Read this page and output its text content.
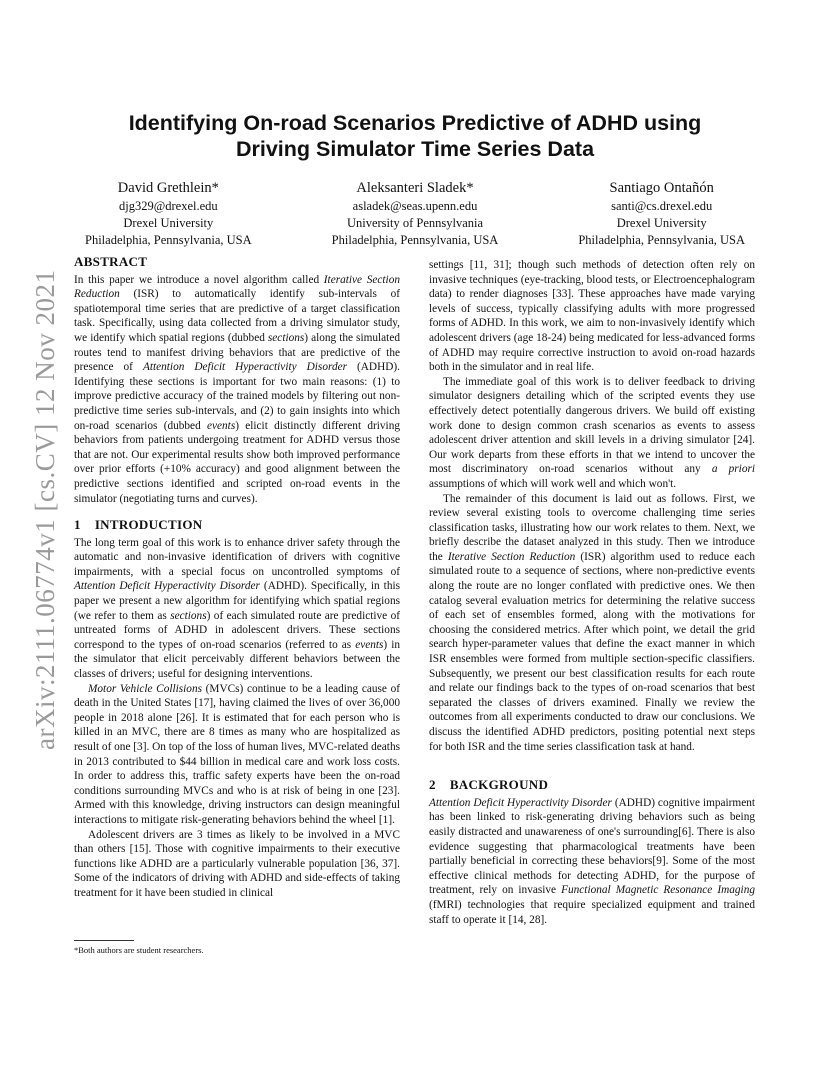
arXiv:2111.06774v1 [cs.CV] 12 Nov 2021
Identifying On-road Scenarios Predictive of ADHD using Driving Simulator Time Series Data
David Grethlein*
djg329@drexel.edu
Drexel University
Philadelphia, Pennsylvania, USA
Aleksanteri Sladek*
asladek@seas.upenn.edu
University of Pennsylvania
Philadelphia, Pennsylvania, USA
Santiago Ontañón
santi@cs.drexel.edu
Drexel University
Philadelphia, Pennsylvania, USA
ABSTRACT

In this paper we introduce a novel algorithm called Iterative Section Reduction (ISR) to automatically identify sub-intervals of spatiotemporal time series that are predictive of a target classification task. Specifically, using data collected from a driving simulator study, we identify which spatial regions (dubbed sections) along the simulated routes tend to manifest driving behaviors that are predictive of the presence of Attention Deficit Hyperactivity Disorder (ADHD). Identifying these sections is important for two main reasons: (1) to improve predictive accuracy of the trained models by filtering out non-predictive time series sub-intervals, and (2) to gain insights into which on-road scenarios (dubbed events) elicit distinctly different driving behaviors from patients undergoing treatment for ADHD versus those that are not. Our experimental results show both improved performance over prior efforts (+10% accuracy) and good alignment between the predictive sections identified and scripted on-road events in the simulator (negotiating turns and curves).

1 INTRODUCTION

The long term goal of this work is to enhance driver safety through the automatic and non-invasive identification of drivers with cognitive impairments, with a special focus on uncontrolled symptoms of Attention Deficit Hyperactivity Disorder (ADHD). Specifically, in this paper we present a new algorithm for identifying which spatial regions (we refer to them as sections) of each simulated route are predictive of untreated forms of ADHD in adolescent drivers. These sections correspond to the types of on-road scenarios (referred to as events) in the simulator that elicit perceivably different behaviors between the classes of drivers; useful for designing interventions.

Motor Vehicle Collisions (MVCs) continue to be a leading cause of death in the United States [17], having claimed the lives of over 36,000 people in 2018 alone [26]. It is estimated that for each person who is killed in an MVC, there are 8 times as many who are hospitalized as result of one [3]. On top of the loss of human lives, MVC-related deaths in 2013 contributed to $44 billion in medical care and work loss costs. In order to address this, traffic safety experts have been the on-road conditions surrounding MVCs and who is at risk of being in one [23]. Armed with this knowledge, driving instructors can design meaningful interactions to mitigate risk-generating behaviors behind the wheel [1].

Adolescent drivers are 3 times as likely to be involved in a MVC than others [15]. Those with cognitive impairments to their executive functions like ADHD are a particularly vulnerable population [36, 37]. Some of the indicators of driving with ADHD and side-effects of taking treatment for it have been studied in clinical

*Both authors are student researchers.

settings [11, 31]; though such methods of detection often rely on invasive techniques (eye-tracking, blood tests, or Electroencephalogram data) to render diagnoses [33]. These approaches have made varying levels of success, typically classifying adults with more progressed forms of ADHD. In this work, we aim to non-invasively identify which adolescent drivers (age 18-24) being medicated for less-advanced forms of ADHD may require corrective instruction to avoid on-road hazards both in the simulator and in real life.

The immediate goal of this work is to deliver feedback to driving simulator designers detailing which of the scripted events they use effectively detect potentially dangerous drivers. We build off existing work done to design common crash scenarios as events to assess adolescent driver attention and skill levels in a driving simulator [24]. Our work departs from these efforts in that we intend to uncover the most discriminatory on-road scenarios without any a priori assumptions of which will work well and which won't.

The remainder of this document is laid out as follows. First, we review several existing tools to overcome challenging time series classification tasks, illustrating how our work relates to them. Next, we briefly describe the dataset analyzed in this study. Then we introduce the Iterative Section Reduction (ISR) algorithm used to reduce each simulated route to a sequence of sections, where non-predictive events along the route are no longer conflated with predictive ones. We then catalog several evaluation metrics for determining the relative success of each set of ensembles formed, along with the motivations for choosing the considered metrics. After which point, we detail the grid search hyper-parameter values that define the exact manner in which ISR ensembles were formed from multiple section-specific classifiers. Subsequently, we present our best classification results for each route and relate our findings back to the types of on-road scenarios that best separated the classes of drivers examined. Finally we review the outcomes from all experiments conducted to draw our conclusions. We discuss the identified ADHD predictors, positing potential next steps for both ISR and the time series classification task at hand.

2 BACKGROUND

Attention Deficit Hyperactivity Disorder (ADHD) cognitive impairment has been linked to risk-generating driving behaviors such as being easily distracted and unawareness of one's surrounding[6]. There is also evidence suggesting that pharmacological treatments have been partially beneficial in correcting these behaviors[9]. Some of the most effective clinical methods for detecting ADHD, for the purpose of treatment, rely on invasive Functional Magnetic Resonance Imaging (fMRI) technologies that require specialized equipment and trained staff to operate it [14, 28].
